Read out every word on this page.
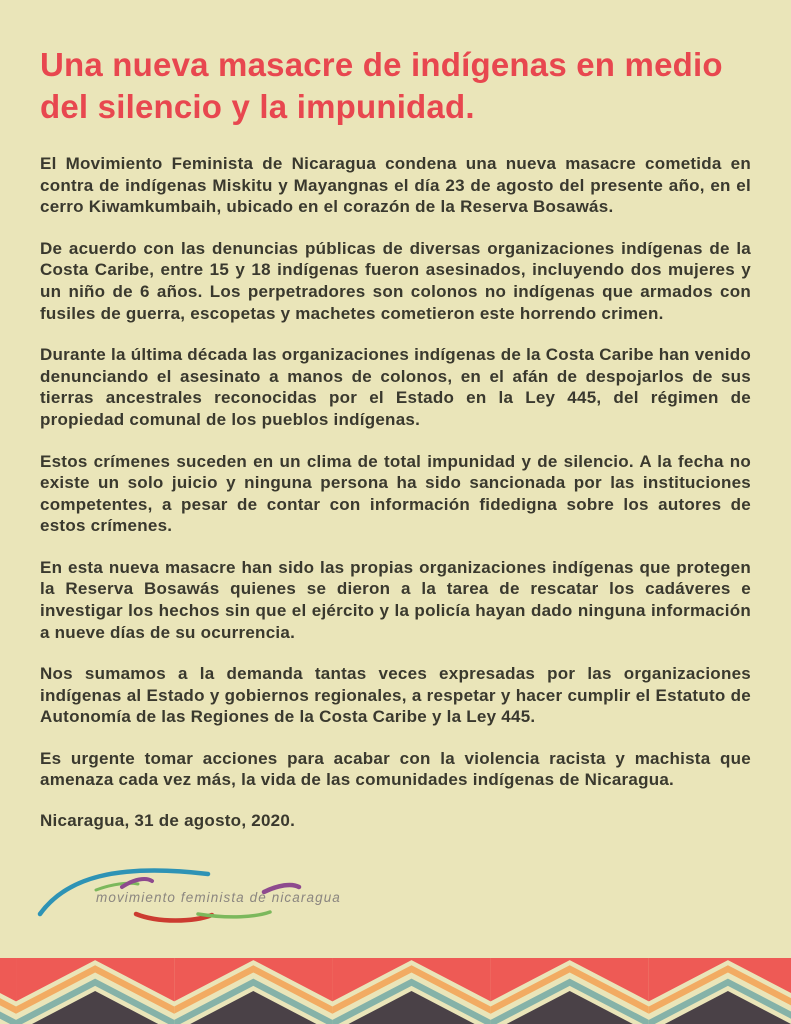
Una nueva masacre de indígenas en medio del silencio y la impunidad.

El Movimiento Feminista de Nicaragua condena una nueva masacre cometida en contra de indígenas Miskitu y Mayangnas el día 23 de agosto del presente año, en el cerro Kiwamkumbaih, ubicado en el corazón de la Reserva Bosawás.

De acuerdo con las denuncias públicas de diversas organizaciones indígenas de la Costa Caribe, entre 15 y 18 indígenas fueron asesinados, incluyendo dos mujeres y un niño de 6 años. Los perpetradores son colonos no indígenas que armados con fusiles de guerra, escopetas y machetes cometieron este horrendo crimen.

Durante la última década las organizaciones indígenas de la Costa Caribe han venido denunciando el asesinato a manos de colonos, en el afán de despojarlos de sus tierras ancestrales reconocidas por el Estado en la Ley 445, del régimen de propiedad comunal de los pueblos indígenas.

Estos crímenes suceden en un clima de total impunidad y de silencio. A la fecha no existe un solo juicio y ninguna persona ha sido sancionada por las instituciones competentes, a pesar de contar con información fidedigna sobre los autores de estos crímenes.

En esta nueva masacre han sido las propias organizaciones indígenas que protegen la Reserva Bosawás quienes se dieron a la tarea de rescatar los cadáveres e investigar los hechos sin que el ejército y la policía hayan dado ninguna información a nueve días de su ocurrencia.

Nos sumamos a la demanda tantas veces expresadas por las organizaciones indígenas al Estado y gobiernos regionales, a respetar y hacer cumplir el Estatuto de Autonomía de las Regiones de la Costa Caribe y la Ley 445.

Es urgente tomar acciones para acabar con la violencia racista y machista que amenaza cada vez más, la vida de las comunidades indígenas de Nicaragua.

Nicaragua, 31 de agosto, 2020.

movimiento feminista de nicaragua
